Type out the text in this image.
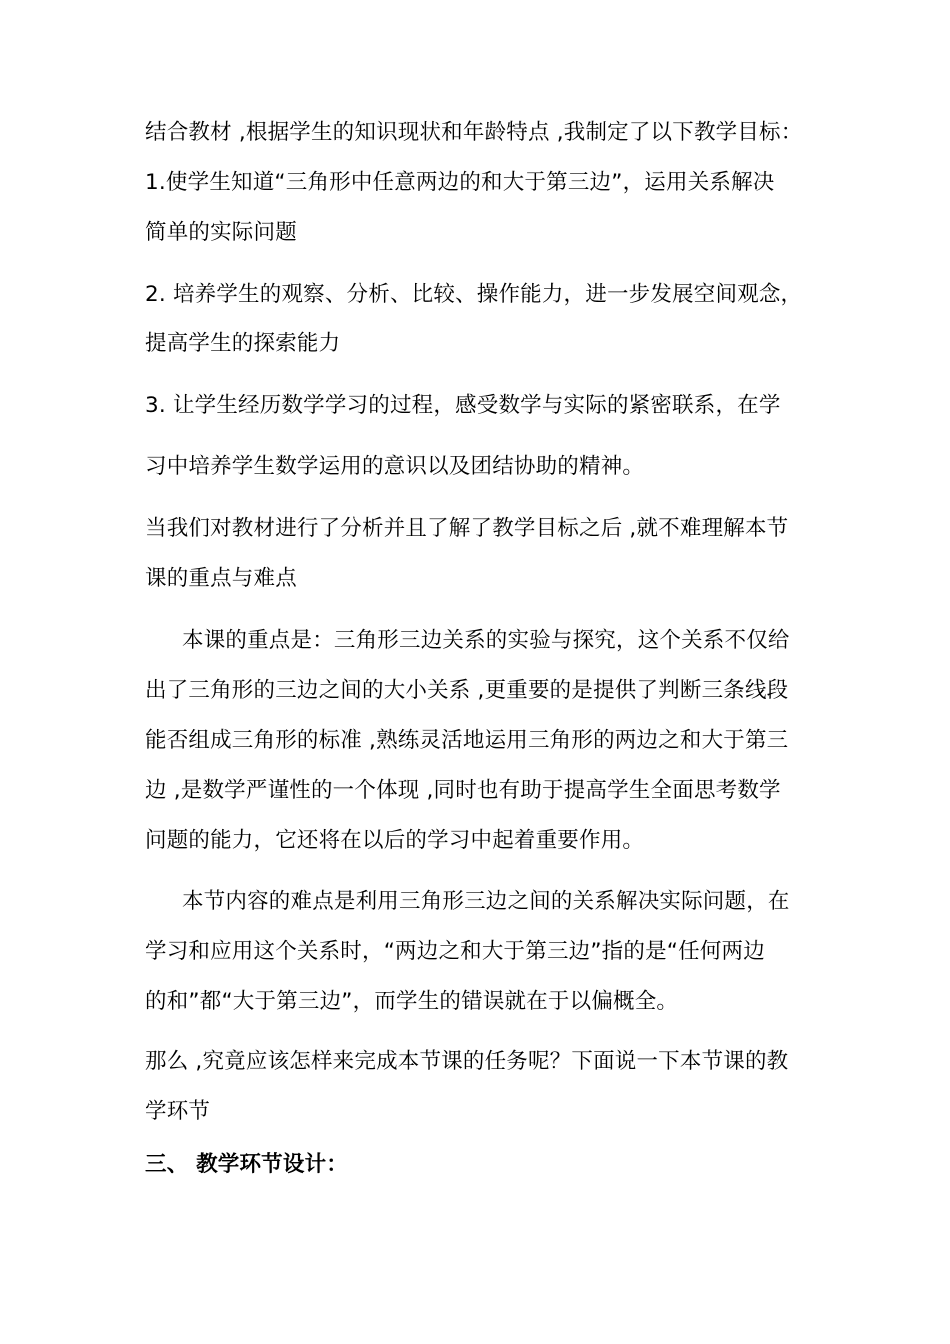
结合教材 ,根据学生的知识现状和年龄特点 ,我制定了以下教学目标：
1.使学生知道“三角形中任意两边的和大于第三边”，运用关系解决
简单的实际问题
2. 培养学生的观察、分析、比较、操作能力，进一步发展空间观念，
提高学生的探索能力
3. 让学生经历数学学习的过程，感受数学与实际的紧密联系，在学
习中培养学生数学运用的意识以及团结协助的精神。
当我们对教材进行了分析并且了解了教学目标之后 ,就不难理解本节
课的重点与难点
本课的重点是：三角形三边关系的实验与探究，这个关系不仅给
出了三角形的三边之间的大小关系 ,更重要的是提供了判断三条线段
能否组成三角形的标准 ,熟练灵活地运用三角形的两边之和大于第三
边 ,是数学严谨性的一个体现 ,同时也有助于提高学生全面思考数学
问题的能力，它还将在以后的学习中起着重要作用。
本节内容的难点是利用三角形三边之间的关系解决实际问题，在
学习和应用这个关系时，“两边之和大于第三边”指的是“任何两边
的和”都“大于第三边”，而学生的错误就在于以偏概全。
那么 ,究竟应该怎样来完成本节课的任务呢？下面说一下本节课的教
学环节
三、 教学环节设计：
